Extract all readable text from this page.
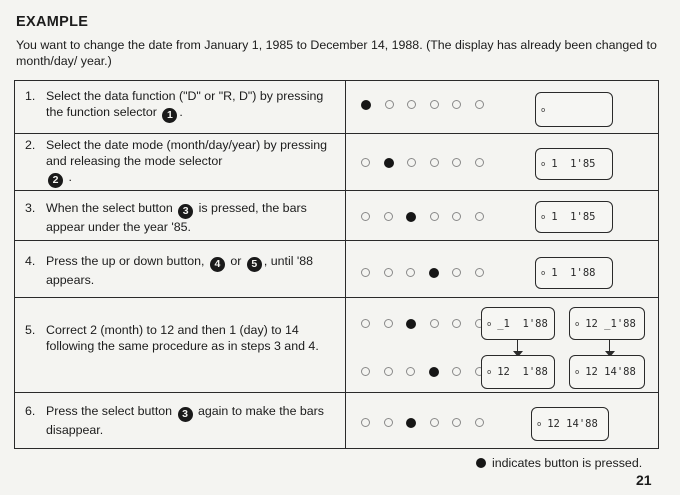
EXAMPLE
You want to change the date from January 1, 1985 to December 14, 1988. (The display has already been changed to month/day/ year.)
1. Select the data function ("D" or "R, D") by pressing the function selector 1 .	o
2. Select the date mode (month/day/year) by pressing and releasing the mode selector
2 .
o 1  1'85
3. When the select button 3 is pressed, the bars appear under the year '85.
o 1  1'85
4. Press the up or down button, 4 or 5 , until '88 appears.	o 1  1'88
5. Correct 2 (month) to 12 and then 1 (day) to 14 following the same procedure as in steps 3 and 4.
o _1  1'88	o 12 _1'88
o 12  1'88	o 12 14'88
6. Press the select button 3 again to make the bars disappear.	o 12 14'88
indicates button is pressed.
21
